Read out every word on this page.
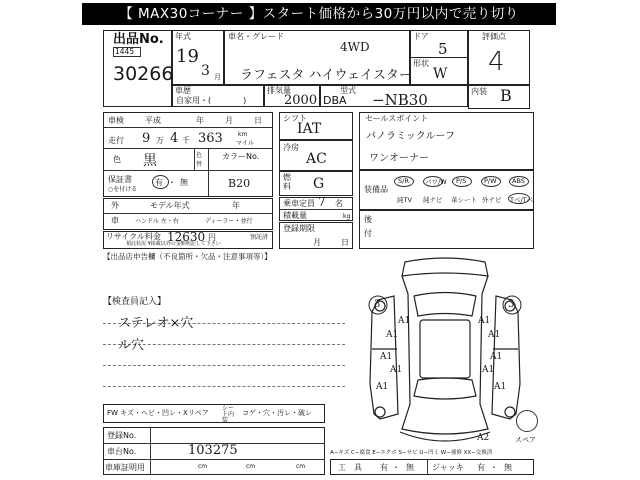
【 MAX30コーナー 】スタート価格から30万円以内で売り切り
出品No.
1445
30266
年式
19
3 月
車名・グレード
4WD
ラフェスタ ハイウェイスター
ドア
5
形状
W
評価点
4
内装 B
車歴
自家用・(　　　　)
排気量
2000
型式
DBA −NB30
車検	平成	年	月	日
走行 9 万 4 千 363	km
マイル
色 黒	色替
カラーNo.
保証書
○を付ける
有 ・ 無	B20
外	モデル年式	年
車	ハンドル 左・右	ディーラー・並行
リサイクル料金 12630 円	預託済
預託状況 ¥掲載以外の金額明記して下さい
シフト
IAT
冷房
AC
燃料 G
乗車定員 7 名
積載量	kg
登録期限
月	日
セールスポイント
パノラミックルーフ
ワンオーナー
装備品
S/R パワ/W P/S	P/W ABS
純TV 純ナビ 革シート 外ナビ Tベ/Tベ
後
付
【出品店申告欄（不良箇所・欠品・注意事項等）】
【検査員記入】
ステレオ×穴
ル穴
FW キズ・ヘビ・凹レ・Xリペア
シート内装
コゲ・穴・汚レ・破レ
登録No.
車台No.	103275
車庫証明用	cm	cm	cm
3	3
A1	A1
A1	A1
A1	A1
A1	A1
A1	A1
A2	スペア
A−キズ C−腐食 E−エクボ S−サビ U−凹ミ W−補修 XX−交換済
工　具 有 ・ 無 ジャッキ 有 ・ 無
